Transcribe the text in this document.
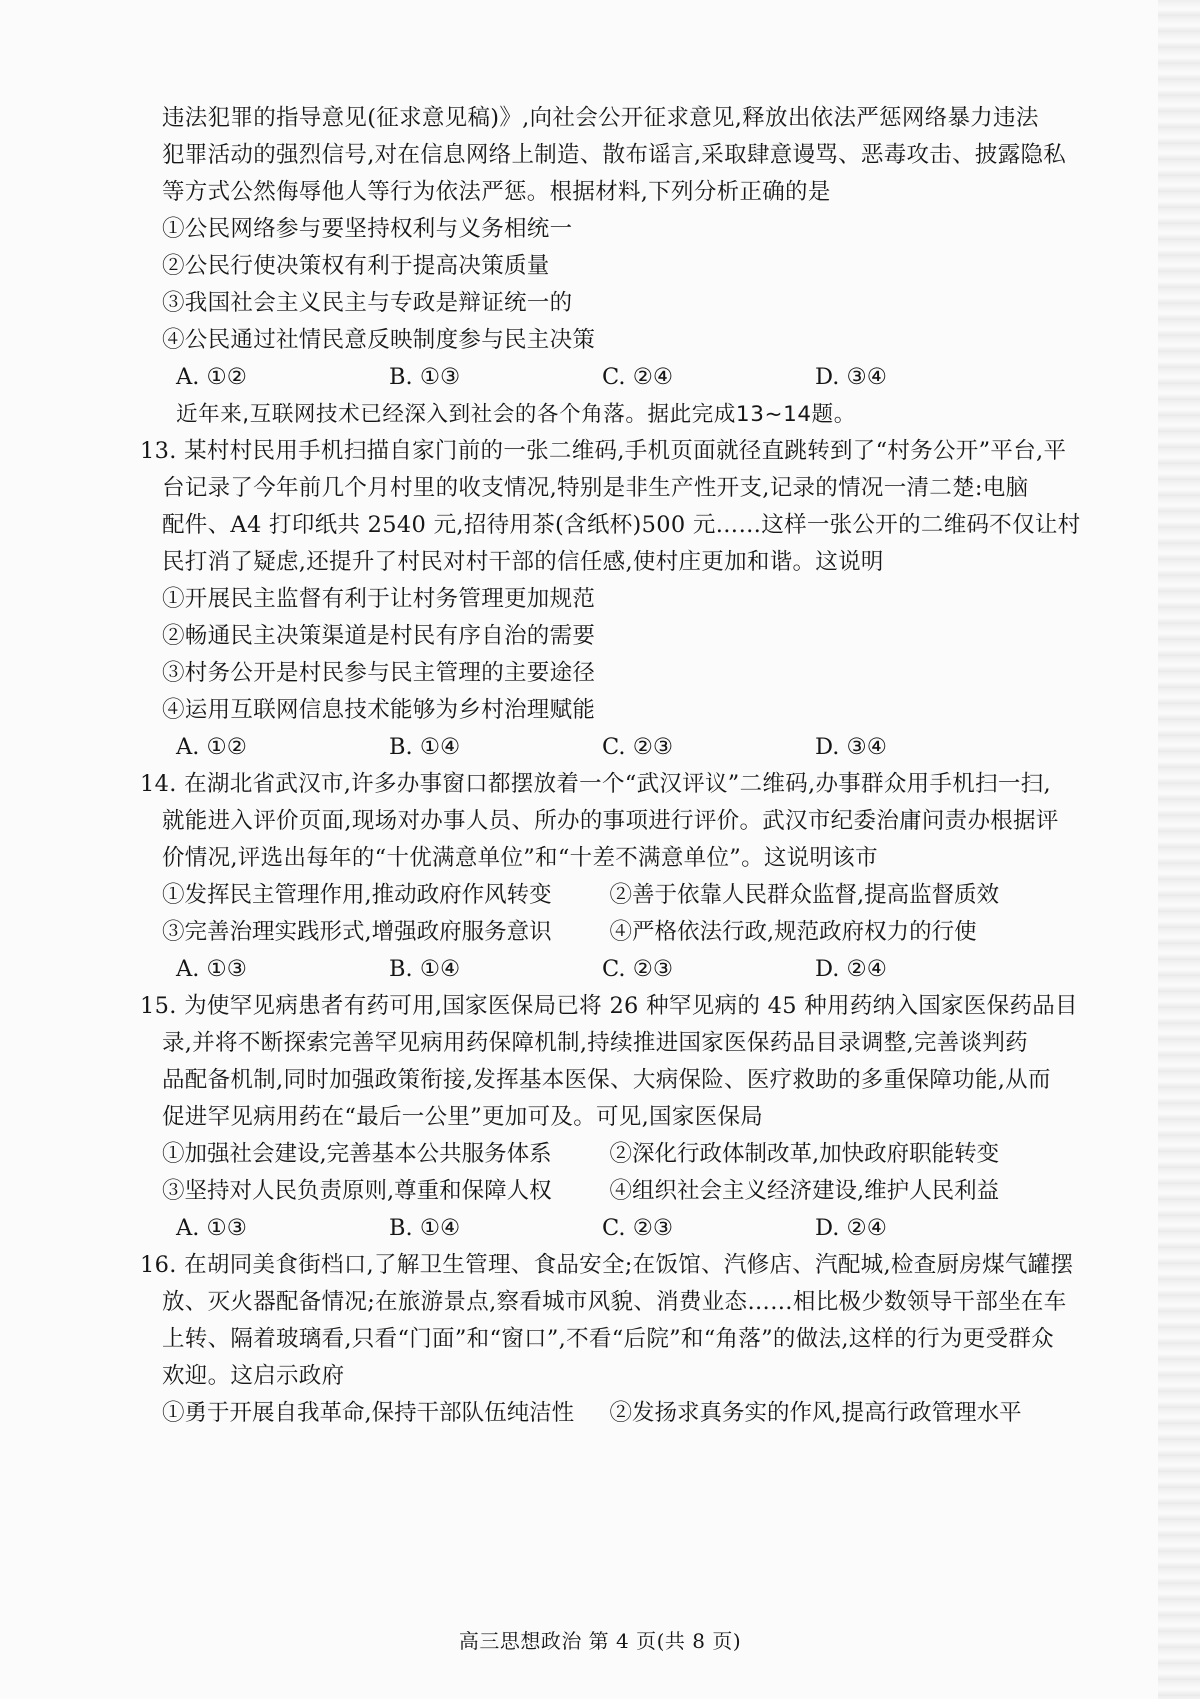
违法犯罪的指导意见(征求意见稿)》,向社会公开征求意见,释放出依法严惩网络暴力违法
犯罪活动的强烈信号,对在信息网络上制造、散布谣言,采取肆意谩骂、恶毒攻击、披露隐私
等方式公然侮辱他人等行为依法严惩。根据材料,下列分析正确的是
①公民网络参与要坚持权利与义务相统一
②公民行使决策权有利于提高决策质量
③我国社会主义民主与专政是辩证统一的
④公民通过社情民意反映制度参与民主决策
A. ①②	B. ①③	C. ②④	D. ③④
近年来,互联网技术已经深入到社会的各个角落。据此完成13~14题。
13. 某村村民用手机扫描自家门前的一张二维码,手机页面就径直跳转到了“村务公开”平台,平
台记录了今年前几个月村里的收支情况,特别是非生产性开支,记录的情况一清二楚:电脑
配件、A4 打印纸共 2540 元,招待用茶(含纸杯)500 元……这样一张公开的二维码不仅让村
民打消了疑虑,还提升了村民对村干部的信任感,使村庄更加和谐。这说明
①开展民主监督有利于让村务管理更加规范
②畅通民主决策渠道是村民有序自治的需要
③村务公开是村民参与民主管理的主要途径
④运用互联网信息技术能够为乡村治理赋能
A. ①②	B. ①④	C. ②③	D. ③④
14. 在湖北省武汉市,许多办事窗口都摆放着一个“武汉评议”二维码,办事群众用手机扫一扫,
就能进入评价页面,现场对办事人员、所办的事项进行评价。武汉市纪委治庸问责办根据评
价情况,评选出每年的“十优满意单位”和“十差不满意单位”。这说明该市
①发挥民主管理作用,推动政府作风转变	②善于依靠人民群众监督,提高监督质效
③完善治理实践形式,增强政府服务意识	④严格依法行政,规范政府权力的行使
A. ①③	B. ①④	C. ②③	D. ②④
15. 为使罕见病患者有药可用,国家医保局已将 26 种罕见病的 45 种用药纳入国家医保药品目
录,并将不断探索完善罕见病用药保障机制,持续推进国家医保药品目录调整,完善谈判药
品配备机制,同时加强政策衔接,发挥基本医保、大病保险、医疗救助的多重保障功能,从而
促进罕见病用药在“最后一公里”更加可及。可见,国家医保局
①加强社会建设,完善基本公共服务体系	②深化行政体制改革,加快政府职能转变
③坚持对人民负责原则,尊重和保障人权	④组织社会主义经济建设,维护人民利益
A. ①③	B. ①④	C. ②③	D. ②④
16. 在胡同美食街档口,了解卫生管理、食品安全;在饭馆、汽修店、汽配城,检查厨房煤气罐摆
放、灭火器配备情况;在旅游景点,察看城市风貌、消费业态……相比极少数领导干部坐在车
上转、隔着玻璃看,只看“门面”和“窗口”,不看“后院”和“角落”的做法,这样的行为更受群众
欢迎。这启示政府
①勇于开展自我革命,保持干部队伍纯洁性	②发扬求真务实的作风,提高行政管理水平
高三思想政治 第 4 页(共 8 页)
